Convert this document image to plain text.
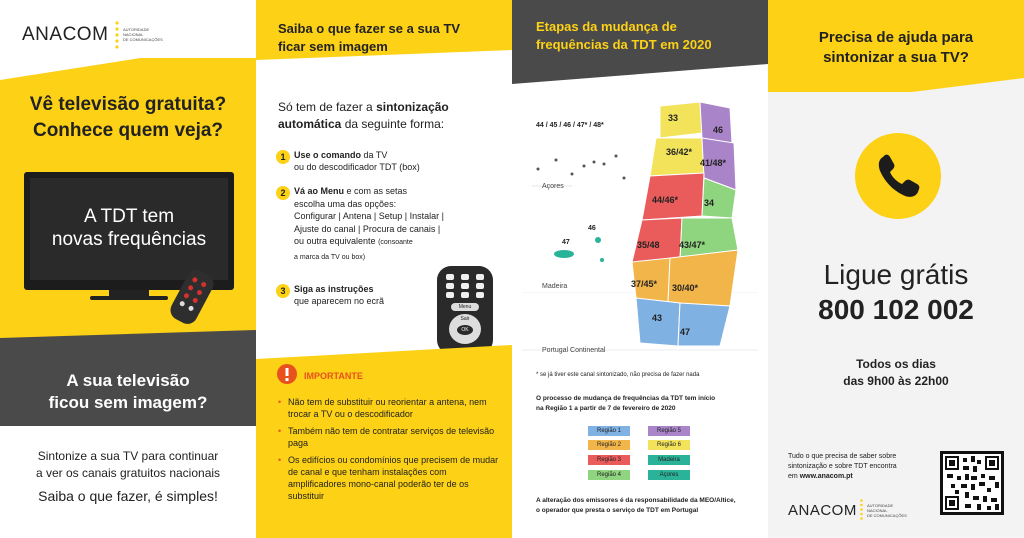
ANACOM	AUTORIDADE
NACIONAL
DE COMUNICAÇÕES
Vê televisão gratuita?
Conhece quem veja?
A TDT tem
novas frequências
A sua televisão
ficou sem imagem?
Sintonize a sua TV para continuar
a ver os canais gratuitos nacionais
Saiba o que fazer, é simples!
Saiba o que fazer se a sua TV
ficar sem imagem
Só tem de fazer a sintonização
automática da seguinte forma:
1 Use o comando da TV
ou do descodificador TDT (box)
2 Vá ao Menu e com as setas
escolha uma das opções:
Configurar | Antena | Setup | Instalar |
Ajuste do canal | Procura de canais |
ou outra equivalente (consoante
a marca da TV ou box)
3 Siga as instruções
que aparecem no ecrã
Menu
Sair
OK
IMPORTANTE
• Não tem de substituir ou reorientar a antena, nem trocar a TV ou o descodificador
• Também não tem de contratar serviços de televisão paga
• Os edifícios ou condomínios que precisem de mudar de canal e que tenham instalações com amplificadores mono-canal poderão ter de os substituir
Etapas da mudança de
frequências da TDT em 2020
44 / 45 / 46 / 47* / 48*
Açores
47
46
Madeira
Portugal Continental
33
46
36/42*
41/48*
44/46*	34
35/48 43/47*
37/45* 30/40*
43
47
* se já tiver este canal sintonizado, não precisa de fazer nada
O processo de mudança de frequências da TDT tem início
na Região 1 a partir de 7 de fevereiro de 2020
Região 1	Região 5
Região 2	Região 6
Região 3	Madeira
Região 4	Açores
A alteração dos emissores é da responsabilidade da MEO/Altice,
o operador que presta o serviço de TDT em Portugal
Precisa de ajuda para
sintonizar a sua TV?
Ligue grátis
800 102 002
Todos os dias
das 9h00 às 22h00
Tudo o que precisa de saber sobre
sintonização e sobre TDT encontra
em www.anacom.pt
ANACOM	AUTORIDADE
NACIONAL
DE COMUNICAÇÕES
